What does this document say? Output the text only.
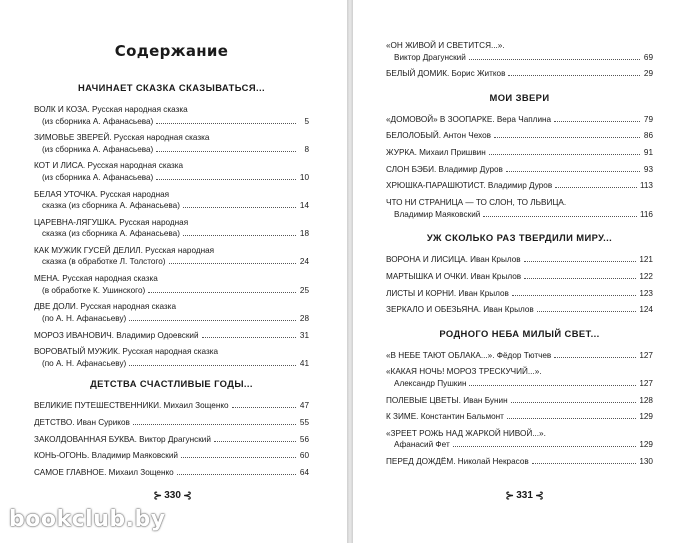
Содержание
НАЧИНАЕТ СКАЗКА СКАЗЫВАТЬСЯ...
ВОЛК И КОЗА. Русская народная сказка
(из сборника А. Афанасьева)	5
ЗИМОВЬЕ ЗВЕРЕЙ. Русская народная сказка
(из сборника А. Афанасьева)	8
КОТ И ЛИСА. Русская народная сказка
(из сборника А. Афанасьева)	10
БЕЛАЯ УТОЧКА. Русская народная
сказка (из сборника А. Афанасьева)	14
ЦАРЕВНА-ЛЯГУШКА. Русская народная
сказка (из сборника А. Афанасьева)	18
КАК МУЖИК ГУСЕЙ ДЕЛИЛ. Русская народная
сказка (в обработке Л. Толстого)	24
МЕНА. Русская народная сказка
(в обработке К. Ушинского)	25
ДВЕ ДОЛИ. Русская народная сказка
(по А. Н. Афанасьеву)	28
МОРОЗ ИВАНОВИЧ. Владимир Одоевский	31
ВОРОВАТЫЙ МУЖИК. Русская народная сказка
(по А. Н. Афанасьеву)	41
ДЕТСТВА СЧАСТЛИВЫЕ ГОДЫ...
ВЕЛИКИЕ ПУТЕШЕСТВЕННИКИ. Михаил Зощенко	47
ДЕТСТВО. Иван Суриков	55
ЗАКОЛДОВАННАЯ БУКВА. Виктор Драгунский	56
КОНЬ-ОГОНЬ. Владимир Маяковский	60
САМОЕ ГЛАВНОЕ. Михаил Зощенко	64
⊱ 330 ⊰
«ОН ЖИВОЙ И СВЕТИТСЯ...».
Виктор Драгунский	69
БЕЛЫЙ ДОМИК. Борис Житков	29
МОИ ЗВЕРИ
«ДОМОВОЙ» В ЗООПАРКЕ. Вера Чаплина	79
БЕЛОЛОБЫЙ. Антон Чехов	86
ЖУРКА. Михаил Пришвин	91
СЛОН БЭБИ. Владимир Дуров	93
ХРЮШКА-ПАРАШЮТИСТ. Владимир Дуров	113
ЧТО НИ СТРАНИЦА — ТО СЛОН, ТО ЛЬВИЦА.
Владимир Маяковский	116
УЖ СКОЛЬКО РАЗ ТВЕРДИЛИ МИРУ...
ВОРОНА И ЛИСИЦА. Иван Крылов	121
МАРТЫШКА И ОЧКИ. Иван Крылов	122
ЛИСТЫ И КОРНИ. Иван Крылов	123
ЗЕРКАЛО И ОБЕЗЬЯНА. Иван Крылов	124
РОДНОГО НЕБА МИЛЫЙ СВЕТ...
«В НЕБЕ ТАЮТ ОБЛАКА...». Фёдор Тютчев	127
«КАКАЯ НОЧЬ! МОРОЗ ТРЕСКУЧИЙ...».
Александр Пушкин	127
ПОЛЕВЫЕ ЦВЕТЫ. Иван Бунин	128
К ЗИМЕ. Константин Бальмонт	129
«ЗРЕЕТ РОЖЬ НАД ЖАРКОЙ НИВОЙ...».
Афанасий Фет	129
ПЕРЕД ДОЖДЁМ. Николай Некрасов	130
⊱ 331 ⊰
bookclub.by
